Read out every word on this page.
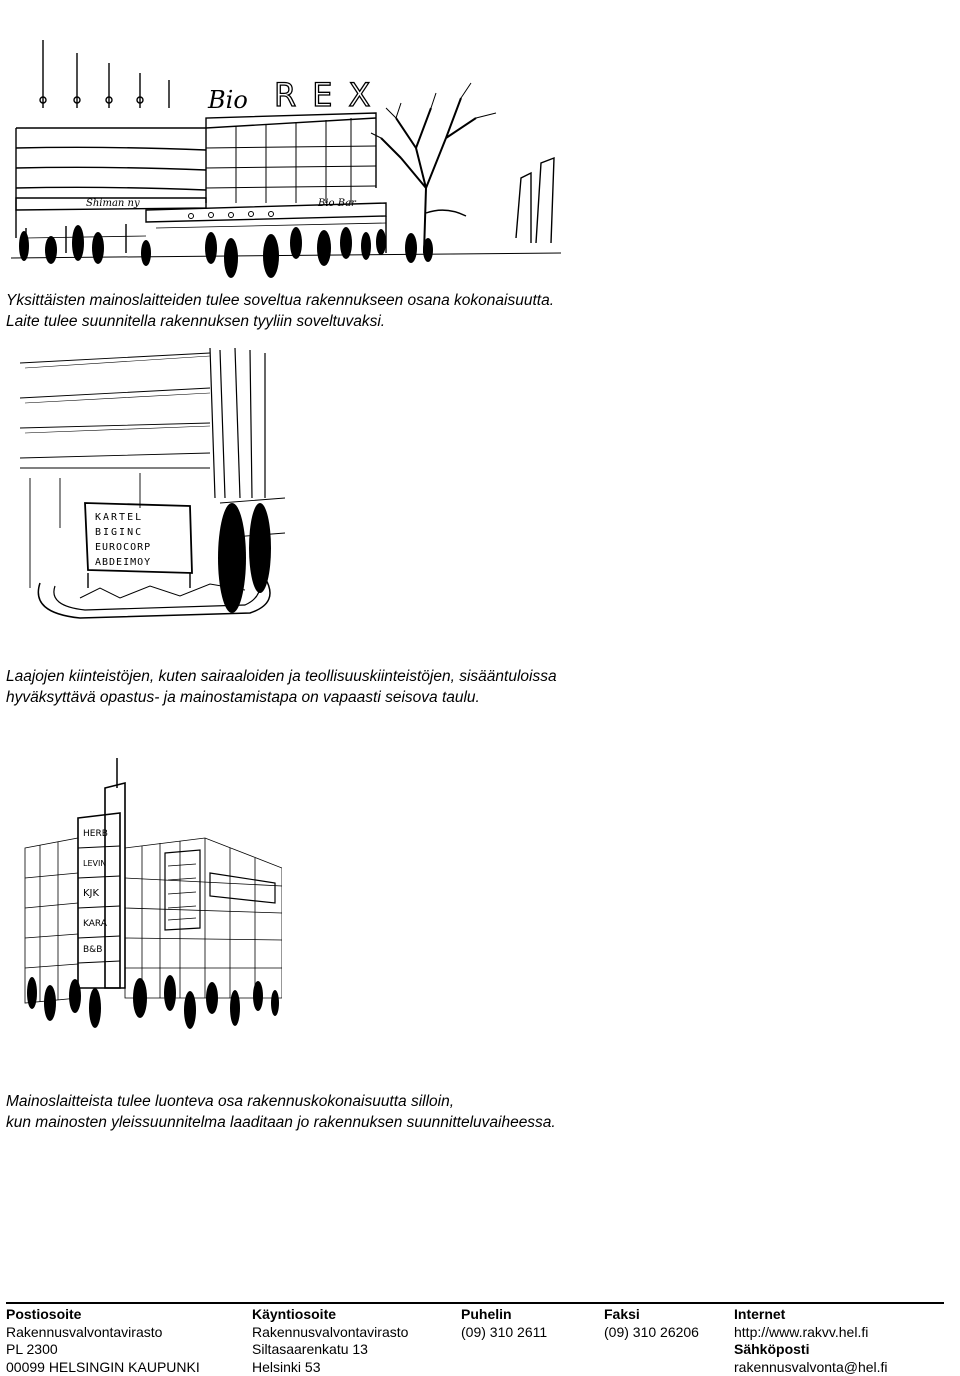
Bio REX
Shiman ny	Bio Bar
Yksittäisten mainoslaitteiden tulee soveltua rakennukseen osana kokonaisuutta.
Laite tulee suunnitella rakennuksen tyyliin soveltuvaksi.
KARTEL
BIGINC
EUROCORP
ABDEIMOY
Laajojen kiinteistöjen, kuten sairaaloiden ja teollisuuskiinteistöjen, sisääntuloissa
hyväksyttävä opastus- ja mainostamistapa on vapaasti seisova taulu.
HERB
LEVIN
KJK
KARA
B&B
Mainoslaitteista tulee luonteva osa rakennuskokonaisuutta silloin,
kun mainosten yleissuunnitelma laaditaan jo rakennuksen suunnitteluvaiheessa.
Postiosoite
Rakennusvalvontavirasto
PL 2300
00099 HELSINGIN KAUPUNKI
Käyntiosoite
Rakennusvalvontavirasto
Siltasaarenkatu 13
Helsinki 53
Puhelin
(09) 310 2611
Faksi
(09) 310 26206
Internet
http://www.rakvv.hel.fi
Sähköposti
rakennusvalvonta@hel.fi
